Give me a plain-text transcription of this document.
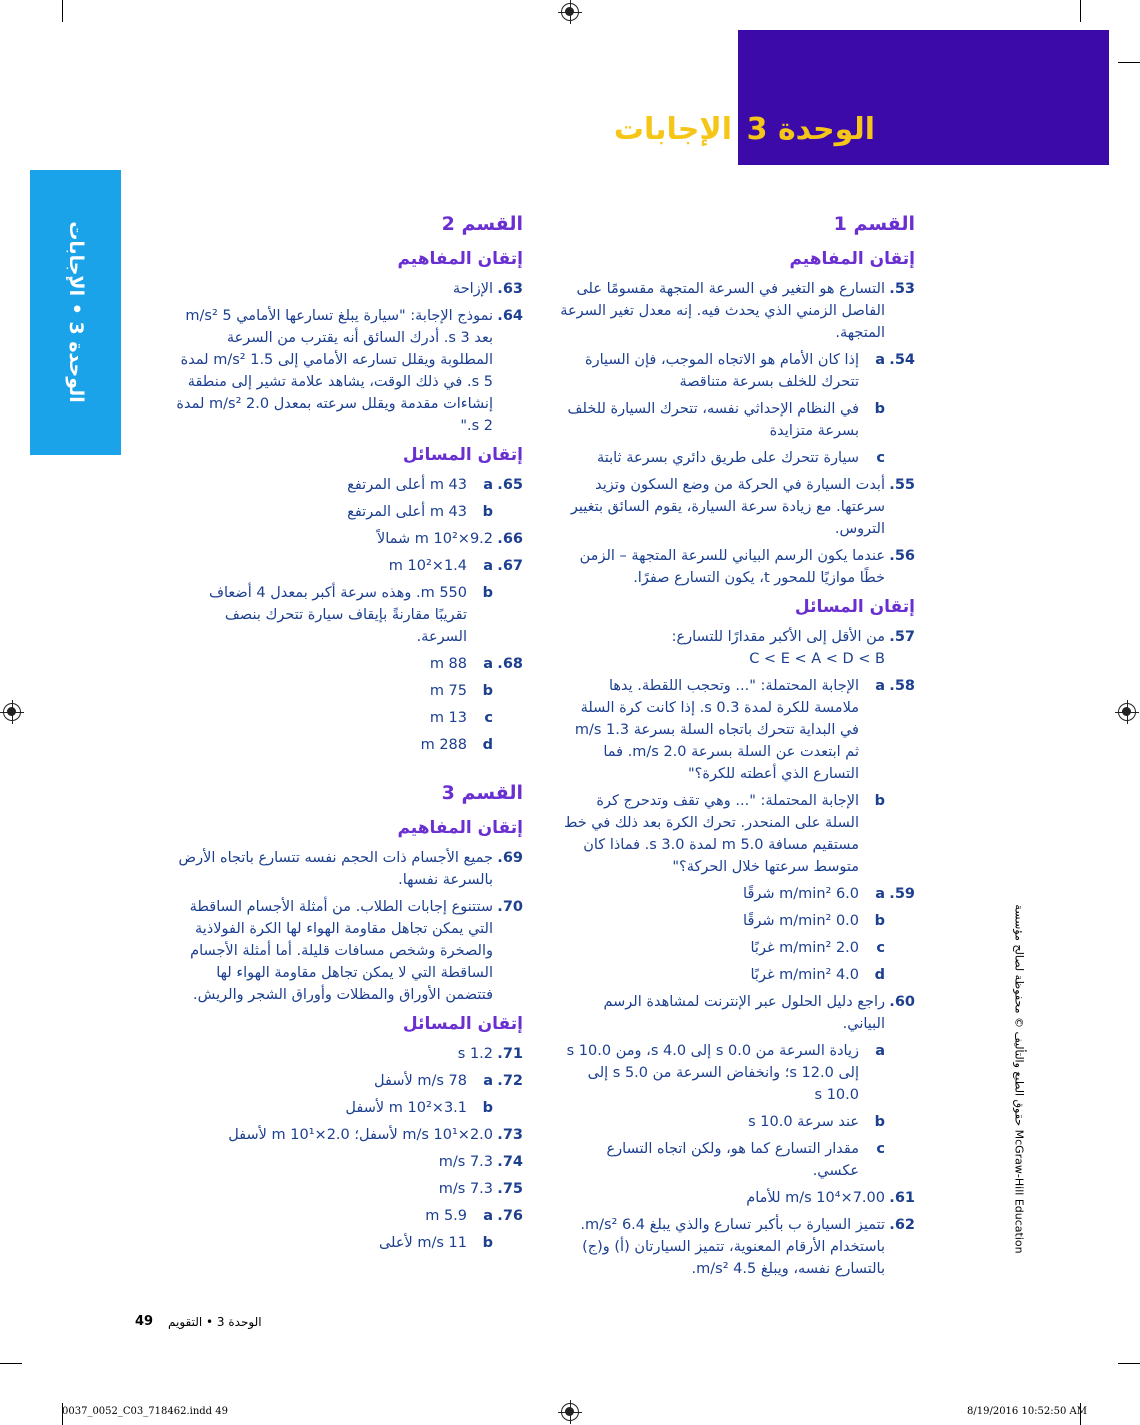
الوحدة 3
الإجابات
الوحدة 3 • الإجابات
حقوق الطبع والتأليف © محفوظة لصالح مؤسسة McGraw-Hill Education
القسم 1
إتقان المفاهيم
53.
التسارع هو التغير في السرعة المتجهة مقسومًا على الفاصل الزمني الذي يحدث فيه. إنه معدل تغير السرعة المتجهة.
54.
a
إذا كان الأمام هو الاتجاه الموجب، فإن السيارة تتحرك للخلف بسرعة متناقصة
b
في النظام الإحداثي نفسه، تتحرك السيارة للخلف بسرعة متزايدة
c
سيارة تتحرك على طريق دائري بسرعة ثابتة
55.
أبدت السيارة في الحركة من وضع السكون وتزيد سرعتها. مع زيادة سرعة السيارة، يقوم السائق بتغيير التروس.
56.
عندما يكون الرسم البياني للسرعة المتجهة – الزمن خطًا موازيًا للمحور t، يكون التسارع صفرًا.
إتقان المسائل
57.
من الأقل إلى الأكبر مقدارًا للتسارع:
C < E < A < D < B
58.
a
الإجابة المحتملة: "... وتحجب اللقطة. يدها ملامسة للكرة لمدة 0.3 s. إذا كانت كرة السلة في البداية تتحرك باتجاه السلة بسرعة 1.3 m/s ثم ابتعدت عن السلة بسرعة 2.0 m/s. فما التسارع الذي أعطته للكرة؟"
b
الإجابة المحتملة: "... وهي تقف وتدحرج كرة السلة على المنحدر. تحرك الكرة بعد ذلك في خط مستقيم مسافة 5.0 m لمدة 3.0 s. فماذا كان متوسط سرعتها خلال الحركة؟"
59.
a
6.0 m/min² شرقًا
b
0.0 m/min² شرقًا
c
2.0 m/min² غربًا
d
4.0 m/min² غربًا
60.
راجع دليل الحلول عبر الإنترنت لمشاهدة الرسم البياني.
a
زيادة السرعة من 0.0 s إلى 4.0 s، ومن 10.0 s إلى 12.0 s؛ وانخفاض السرعة من 5.0 s إلى 10.0 s
b
عند سرعة 10.0 s
c
مقدار التسارع كما هو، ولكن اتجاه التسارع عكسي.
61.
7.00×10⁴ m/s للأمام
62.
تتميز السيارة ب بأكبر تسارع والذي يبلغ 6.4 m/s². باستخدام الأرقام المعنوية، تتميز السيارتان (أ) و(ج) بالتسارع نفسه، ويبلغ 4.5 m/s².
القسم 2
إتقان المفاهيم
63.
الإزاحة
64.
نموذج الإجابة: "سيارة يبلغ تسارعها الأمامي 5 m/s² بعد 3 s. أدرك السائق أنه يقترب من السرعة المطلوبة ويقلل تسارعه الأمامي إلى 1.5 m/s² لمدة 5 s. في ذلك الوقت، يشاهد علامة تشير إلى منطقة إنشاءات مقدمة ويقلل سرعته بمعدل 2.0 m/s² لمدة 2 s."
إتقان المسائل
65.
a
43 m أعلى المرتفع
b
43 m أعلى المرتفع
66.
9.2×10² m شمالاً
67.
a
1.4×10² m
b
550 m. وهذه سرعة أكبر بمعدل 4 أضعاف تقريبًا مقارنةً بإيقاف سيارة تتحرك بنصف السرعة.
68.
a
88 m
b
75 m
c
13 m
d
288 m
القسم 3
إتقان المفاهيم
69.
جميع الأجسام ذات الحجم نفسه تتسارع باتجاه الأرض بالسرعة نفسها.
70.
ستتنوع إجابات الطلاب. من أمثلة الأجسام الساقطة التي يمكن تجاهل مقاومة الهواء لها الكرة الفولاذية والصخرة وشخص مسافات قليلة. أما أمثلة الأجسام الساقطة التي لا يمكن تجاهل مقاومة الهواء لها فتتضمن الأوراق والمظلات وأوراق الشجر والريش.
إتقان المسائل
71.
1.2 s
72.
a
78 m/s لأسفل
b
3.1×10² m لأسفل
73.
2.0×10¹ m/s لأسفل؛ 2.0×10¹ m لأسفل
74.
7.3 m/s
75.
7.3 m/s
76.
a
5.9 m
b
11 m/s لأعلى
49 الوحدة 3 • التقويم
0037_0052_C03_718462.indd 49	8/19/2016 10:52:50 AM
